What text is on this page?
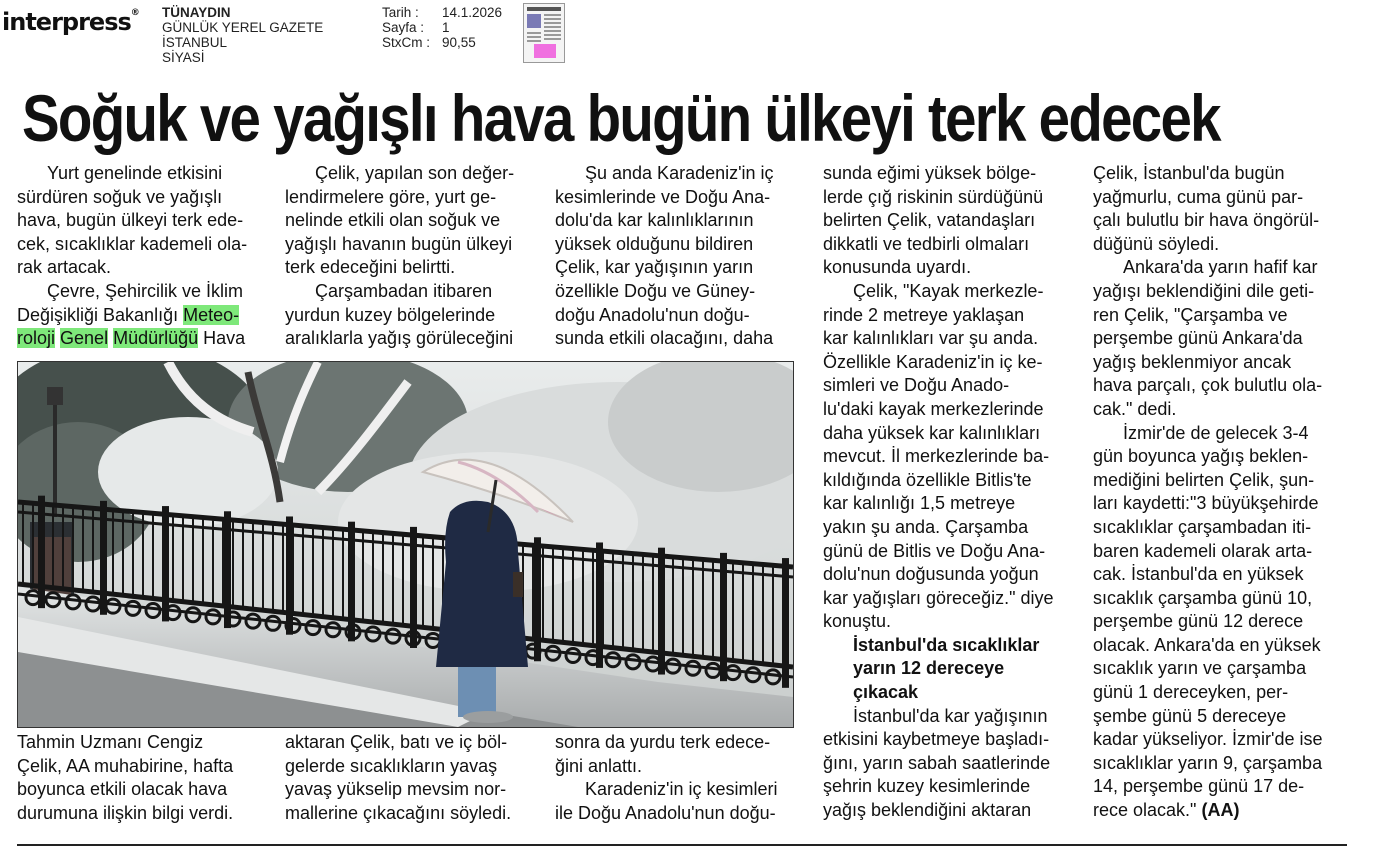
interpress® TÜNAYDIN
GÜNLÜK YEREL GAZETE
İSTANBUL
SİYASİ
Tarih :	14.1.2026
Sayfa :	1
StxCm : 90,55
Soğuk ve yağışlı hava bugün ülkeyi terk edecek
Yurt genelinde etkisini
sürdüren soğuk ve yağışlı
hava, bugün ülkeyi terk ede-
cek, sıcaklıklar kademeli ola-
rak artacak.
Çevre, Şehircilik ve İklim
Değişikliği Bakanlığı Meteo-
roloji Genel Müdürlüğü Hava
Çelik, yapılan son değer-
lendirmelere göre, yurt ge-
nelinde etkili olan soğuk ve
yağışlı havanın bugün ülkeyi
terk edeceğini belirtti.
Çarşambadan itibaren
yurdun kuzey bölgelerinde
aralıklarla yağış görüleceğini
Şu anda Karadeniz'in iç
kesimlerinde ve Doğu Ana-
dolu'da kar kalınlıklarının
yüksek olduğunu bildiren
Çelik, kar yağışının yarın
özellikle Doğu ve Güney-
doğu Anadolu'nun doğu-
sunda etkili olacağını, daha
Tahmin Uzmanı Cengiz
Çelik, AA muhabirine, hafta
boyunca etkili olacak hava
durumuna ilişkin bilgi verdi.
aktaran Çelik, batı ve iç böl-
gelerde sıcaklıkların yavaş
yavaş yükselip mevsim nor-
mallerine çıkacağını söyledi.
sonra da yurdu terk edece-
ğini anlattı.
Karadeniz'in iç kesimleri
ile Doğu Anadolu'nun doğu-
sunda eğimi yüksek bölge-
lerde çığ riskinin sürdüğünü
belirten Çelik, vatandaşları
dikkatli ve tedbirli olmaları
konusunda uyardı.
Çelik, "Kayak merkezle-
rinde 2 metreye yaklaşan
kar kalınlıkları var şu anda.
Özellikle Karadeniz'in iç ke-
simleri ve Doğu Anado-
lu'daki kayak merkezlerinde
daha yüksek kar kalınlıkları
mevcut. İl merkezlerinde ba-
kıldığında özellikle Bitlis'te
kar kalınlığı 1,5 metreye
yakın şu anda. Çarşamba
günü de Bitlis ve Doğu Ana-
dolu'nun doğusunda yoğun
kar yağışları göreceğiz." diye
konuştu.
İstanbul'da sıcaklıklar
yarın 12 dereceye
çıkacak
İstanbul'da kar yağışının
etkisini kaybetmeye başladı-
ğını, yarın sabah saatlerinde
şehrin kuzey kesimlerinde
yağış beklendiğini aktaran
Çelik, İstanbul'da bugün
yağmurlu, cuma günü par-
çalı bulutlu bir hava öngörül-
düğünü söyledi.
Ankara'da yarın hafif kar
yağışı beklendiğini dile geti-
ren Çelik, "Çarşamba ve
perşembe günü Ankara'da
yağış beklenmiyor ancak
hava parçalı, çok bulutlu ola-
cak." dedi.
İzmir'de de gelecek 3-4
gün boyunca yağış beklen-
mediğini belirten Çelik, şun-
ları kaydetti:"3 büyükşehirde
sıcaklıklar çarşambadan iti-
baren kademeli olarak arta-
cak. İstanbul'da en yüksek
sıcaklık çarşamba günü 10,
perşembe günü 12 derece
olacak. Ankara'da en yüksek
sıcaklık yarın ve çarşamba
günü 1 dereceyken, per-
şembe günü 5 dereceye
kadar yükseliyor. İzmir'de ise
sıcaklıklar yarın 9, çarşamba
14, perşembe günü 17 de-
rece olacak." (AA)
